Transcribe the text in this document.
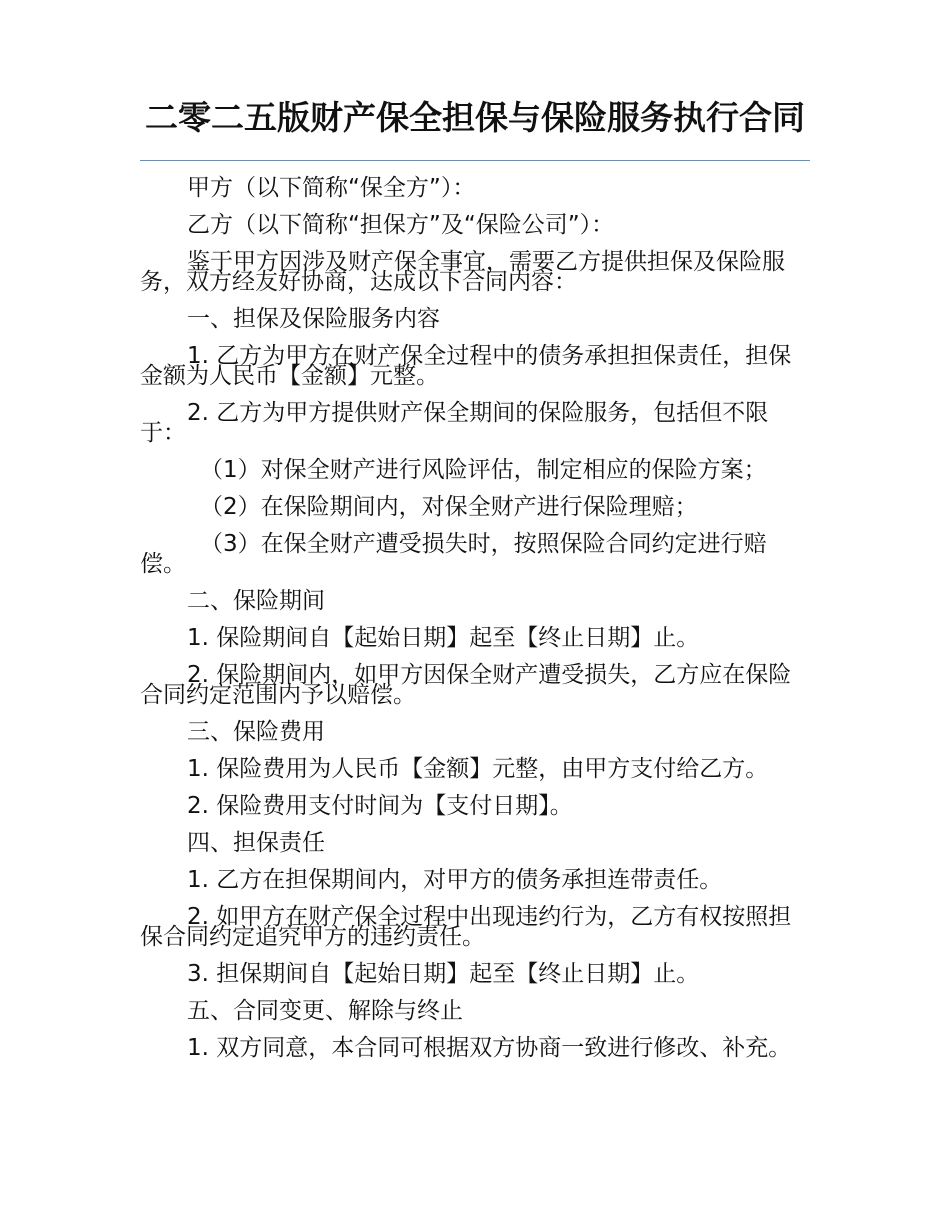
二零二五版财产保全担保与保险服务执行合同

甲方（以下简称“保全方”）：

乙方（以下简称“担保方”及“保险公司”）：

鉴于甲方因涉及财产保全事宜，需要乙方提供担保及保险服务，双方经友好协商，达成以下合同内容：

一、担保及保险服务内容

1. 乙方为甲方在财产保全过程中的债务承担担保责任，担保金额为人民币【金额】元整。

2. 乙方为甲方提供财产保全期间的保险服务，包括但不限于：

（1）对保全财产进行风险评估，制定相应的保险方案；

（2）在保险期间内，对保全财产进行保险理赔；

（3）在保全财产遭受损失时，按照保险合同约定进行赔偿。

二、保险期间

1. 保险期间自【起始日期】起至【终止日期】止。

2. 保险期间内，如甲方因保全财产遭受损失，乙方应在保险合同约定范围内予以赔偿。

三、保险费用

1. 保险费用为人民币【金额】元整，由甲方支付给乙方。

2. 保险费用支付时间为【支付日期】。

四、担保责任

1. 乙方在担保期间内，对甲方的债务承担连带责任。

2. 如甲方在财产保全过程中出现违约行为，乙方有权按照担保合同约定追究甲方的违约责任。

3. 担保期间自【起始日期】起至【终止日期】止。

五、合同变更、解除与终止

1. 双方同意，本合同可根据双方协商一致进行修改、补充。
